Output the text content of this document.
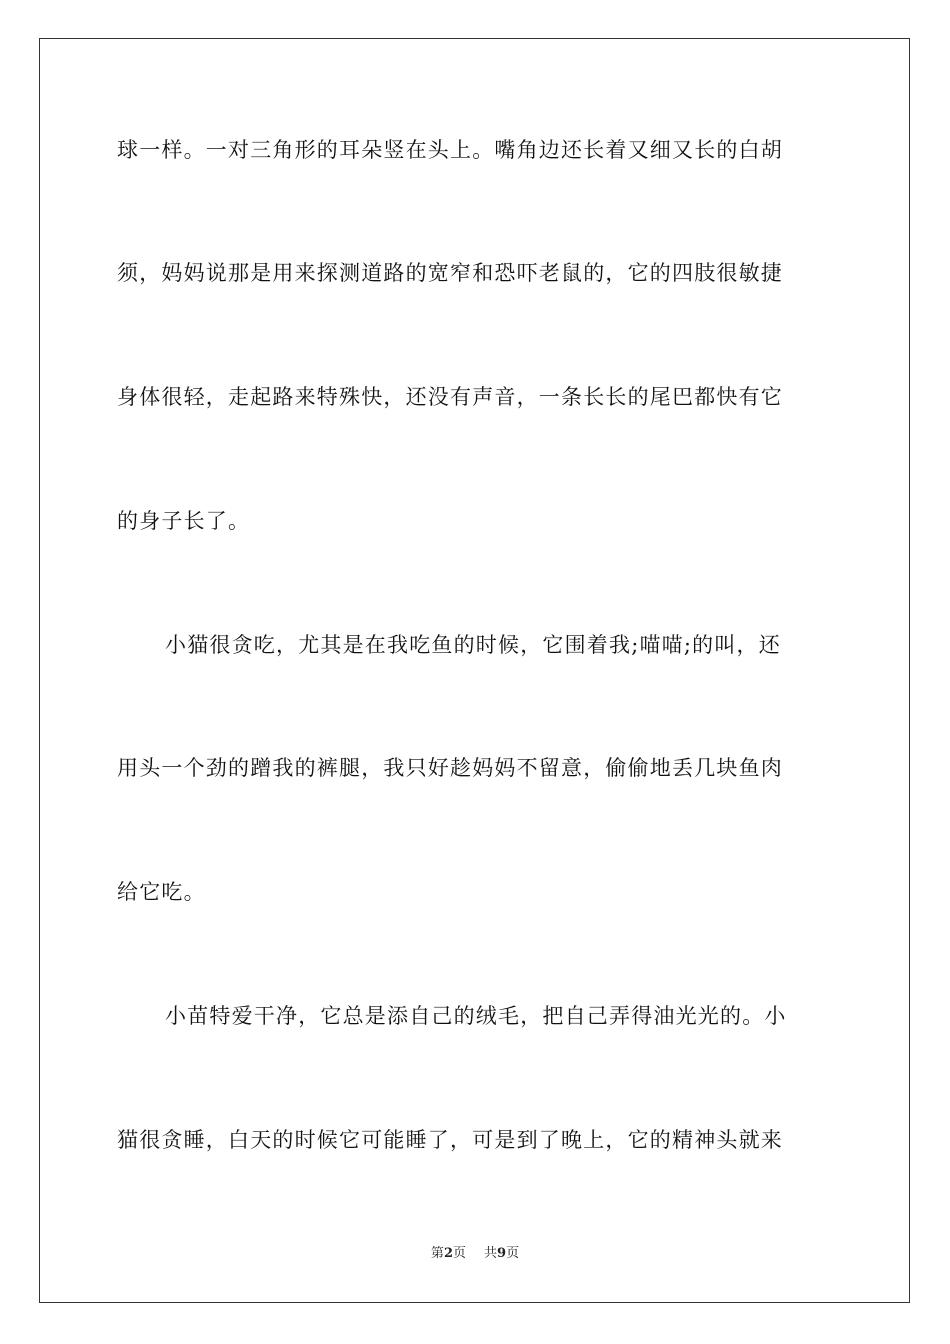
球一样。一对三角形的耳朵竖在头上。嘴角边还长着又细又长的白胡
须，妈妈说那是用来探测道路的宽窄和恐吓老鼠的，它的四肢很敏捷
身体很轻，走起路来特殊快，还没有声音，一条长长的尾巴都快有它
的身子长了。
小猫很贪吃，尤其是在我吃鱼的时候，它围着我;喵喵;的叫，还
用头一个劲的蹭我的裤腿，我只好趁妈妈不留意，偷偷地丢几块鱼肉
给它吃。
小苗特爱干净，它总是添自己的绒毛，把自己弄得油光光的。小
猫很贪睡，白天的时候它可能睡了，可是到了晚上，它的精神头就来
第2页 共9页
